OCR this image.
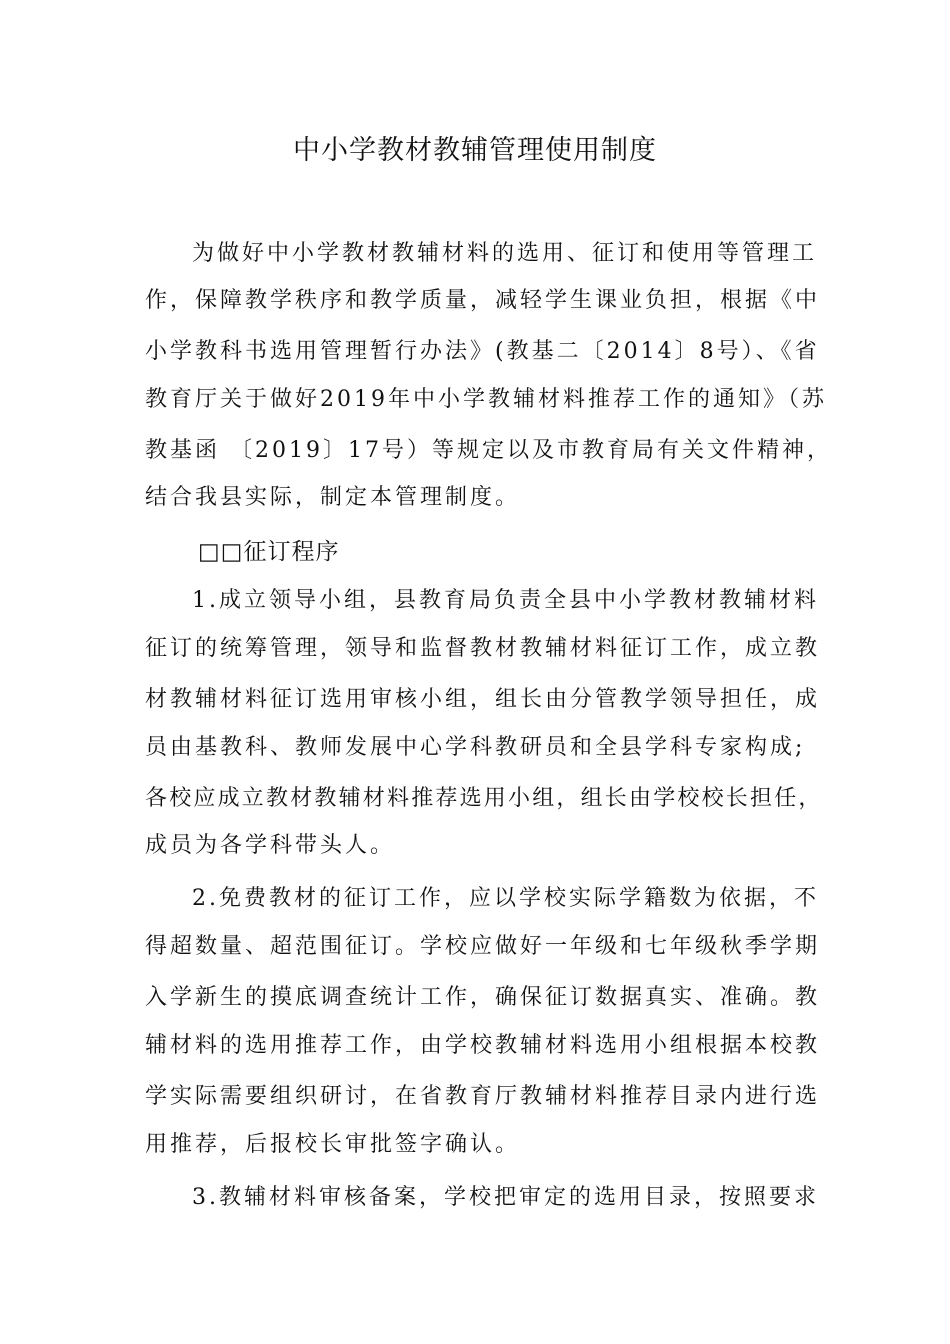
中小学教材教辅管理使用制度
为做好中小学教材教辅材料的选用、征订和使用等管理工
作，保障教学秩序和教学质量，减轻学生课业负担，根据《中
小学教科书选用管理暂行办法》(教基二〔2014〕8号）、《省
教育厅关于做好2019年中小学教辅材料推荐工作的通知》（苏
教基函 〔2019〕17号）等规定以及市教育局有关文件精神，
结合我县实际，制定本管理制度。
□□征订程序
1.成立领导小组，县教育局负责全县中小学教材教辅材料
征订的统筹管理，领导和监督教材教辅材料征订工作，成立教
材教辅材料征订选用审核小组，组长由分管教学领导担任，成
员由基教科、教师发展中心学科教研员和全县学科专家构成;
各校应成立教材教辅材料推荐选用小组，组长由学校校长担任，
成员为各学科带头人。
2.免费教材的征订工作，应以学校实际学籍数为依据，不
得超数量、超范围征订。学校应做好一年级和七年级秋季学期
入学新生的摸底调查统计工作，确保征订数据真实、准确。教
辅材料的选用推荐工作，由学校教辅材料选用小组根据本校教
学实际需要组织研讨，在省教育厅教辅材料推荐目录内进行选
用推荐，后报校长审批签字确认。
3.教辅材料审核备案，学校把审定的选用目录，按照要求
